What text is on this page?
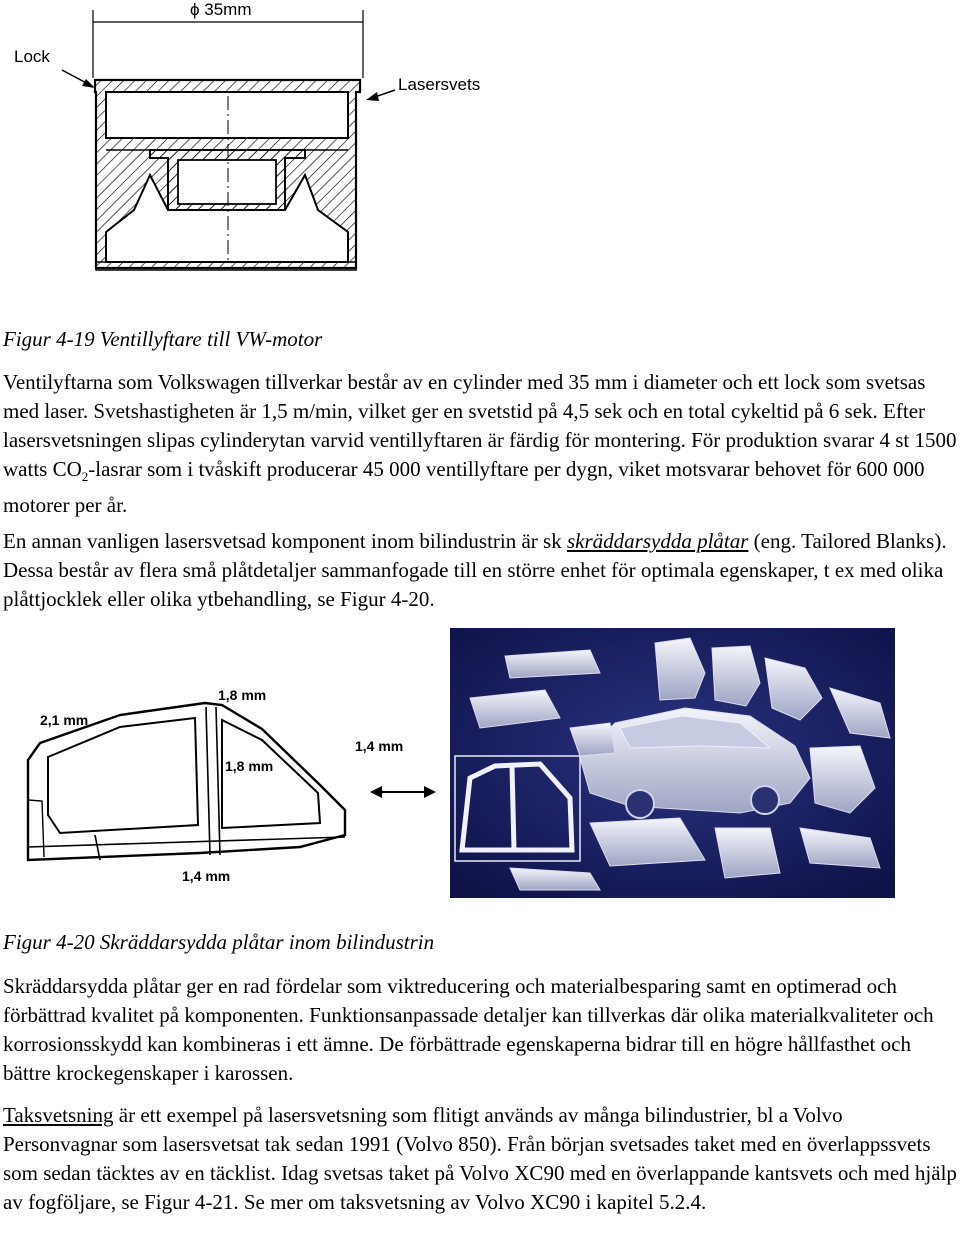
ϕ 35mm
Lock
Lasersvets
Figur 4-19 Ventillyftare till VW-motor

Ventilyftarna som Volkswagen tillverkar består av en cylinder med 35 mm i diameter och ett lock som svetsas med laser. Svetshastigheten är 1,5 m/min, vilket ger en svetstid på 4,5 sek och en total cykeltid på 6 sek. Efter lasersvetsningen slipas cylinderytan varvid ventillyftaren är färdig för montering. För produktion svarar 4 st 1500 watts $CO_2$-lasrar som i tvåskift producerar 45 000 ventillyftare per dygn, viket motsvarar behovet för 600 000 motorer per år.

En annan vanligen lasersvetsad komponent inom bilindustrin är sk skräddarsydda plåtar (eng. Tailored Blanks). Dessa består av flera små plåtdetaljer sammanfogade till en större enhet för optimala egenskaper, t ex med olika plåttjocklek eller olika ytbehandling, se Figur 4-20.

2,1 mm
1,8 mm
1,8 mm
1,4 mm
1,4 mm
Figur 4-20 Skräddarsydda plåtar inom bilindustrin

Skräddarsydda plåtar ger en rad fördelar som viktreducering och materialbesparing samt en optimerad och förbättrad kvalitet på komponenten. Funktionsanpassade detaljer kan tillverkas där olika materialkvaliteter och korrosionsskydd kan kombineras i ett ämne. De förbättrade egenskaperna bidrar till en högre hållfasthet och bättre krockegenskaper i karossen.

Taksvetsning är ett exempel på lasersvetsning som flitigt används av många bilindustrier, bl a Volvo Personvagnar som lasersvetsat tak sedan 1991 (Volvo 850). Från början svetsades taket med en överlappssvets som sedan täcktes av en täcklist. Idag svetsas taket på Volvo XC90 med en överlappande kantsvets och med hjälp av fogföljare, se Figur 4-21. Se mer om taksvetsning av Volvo XC90 i kapitel 5.2.4.
